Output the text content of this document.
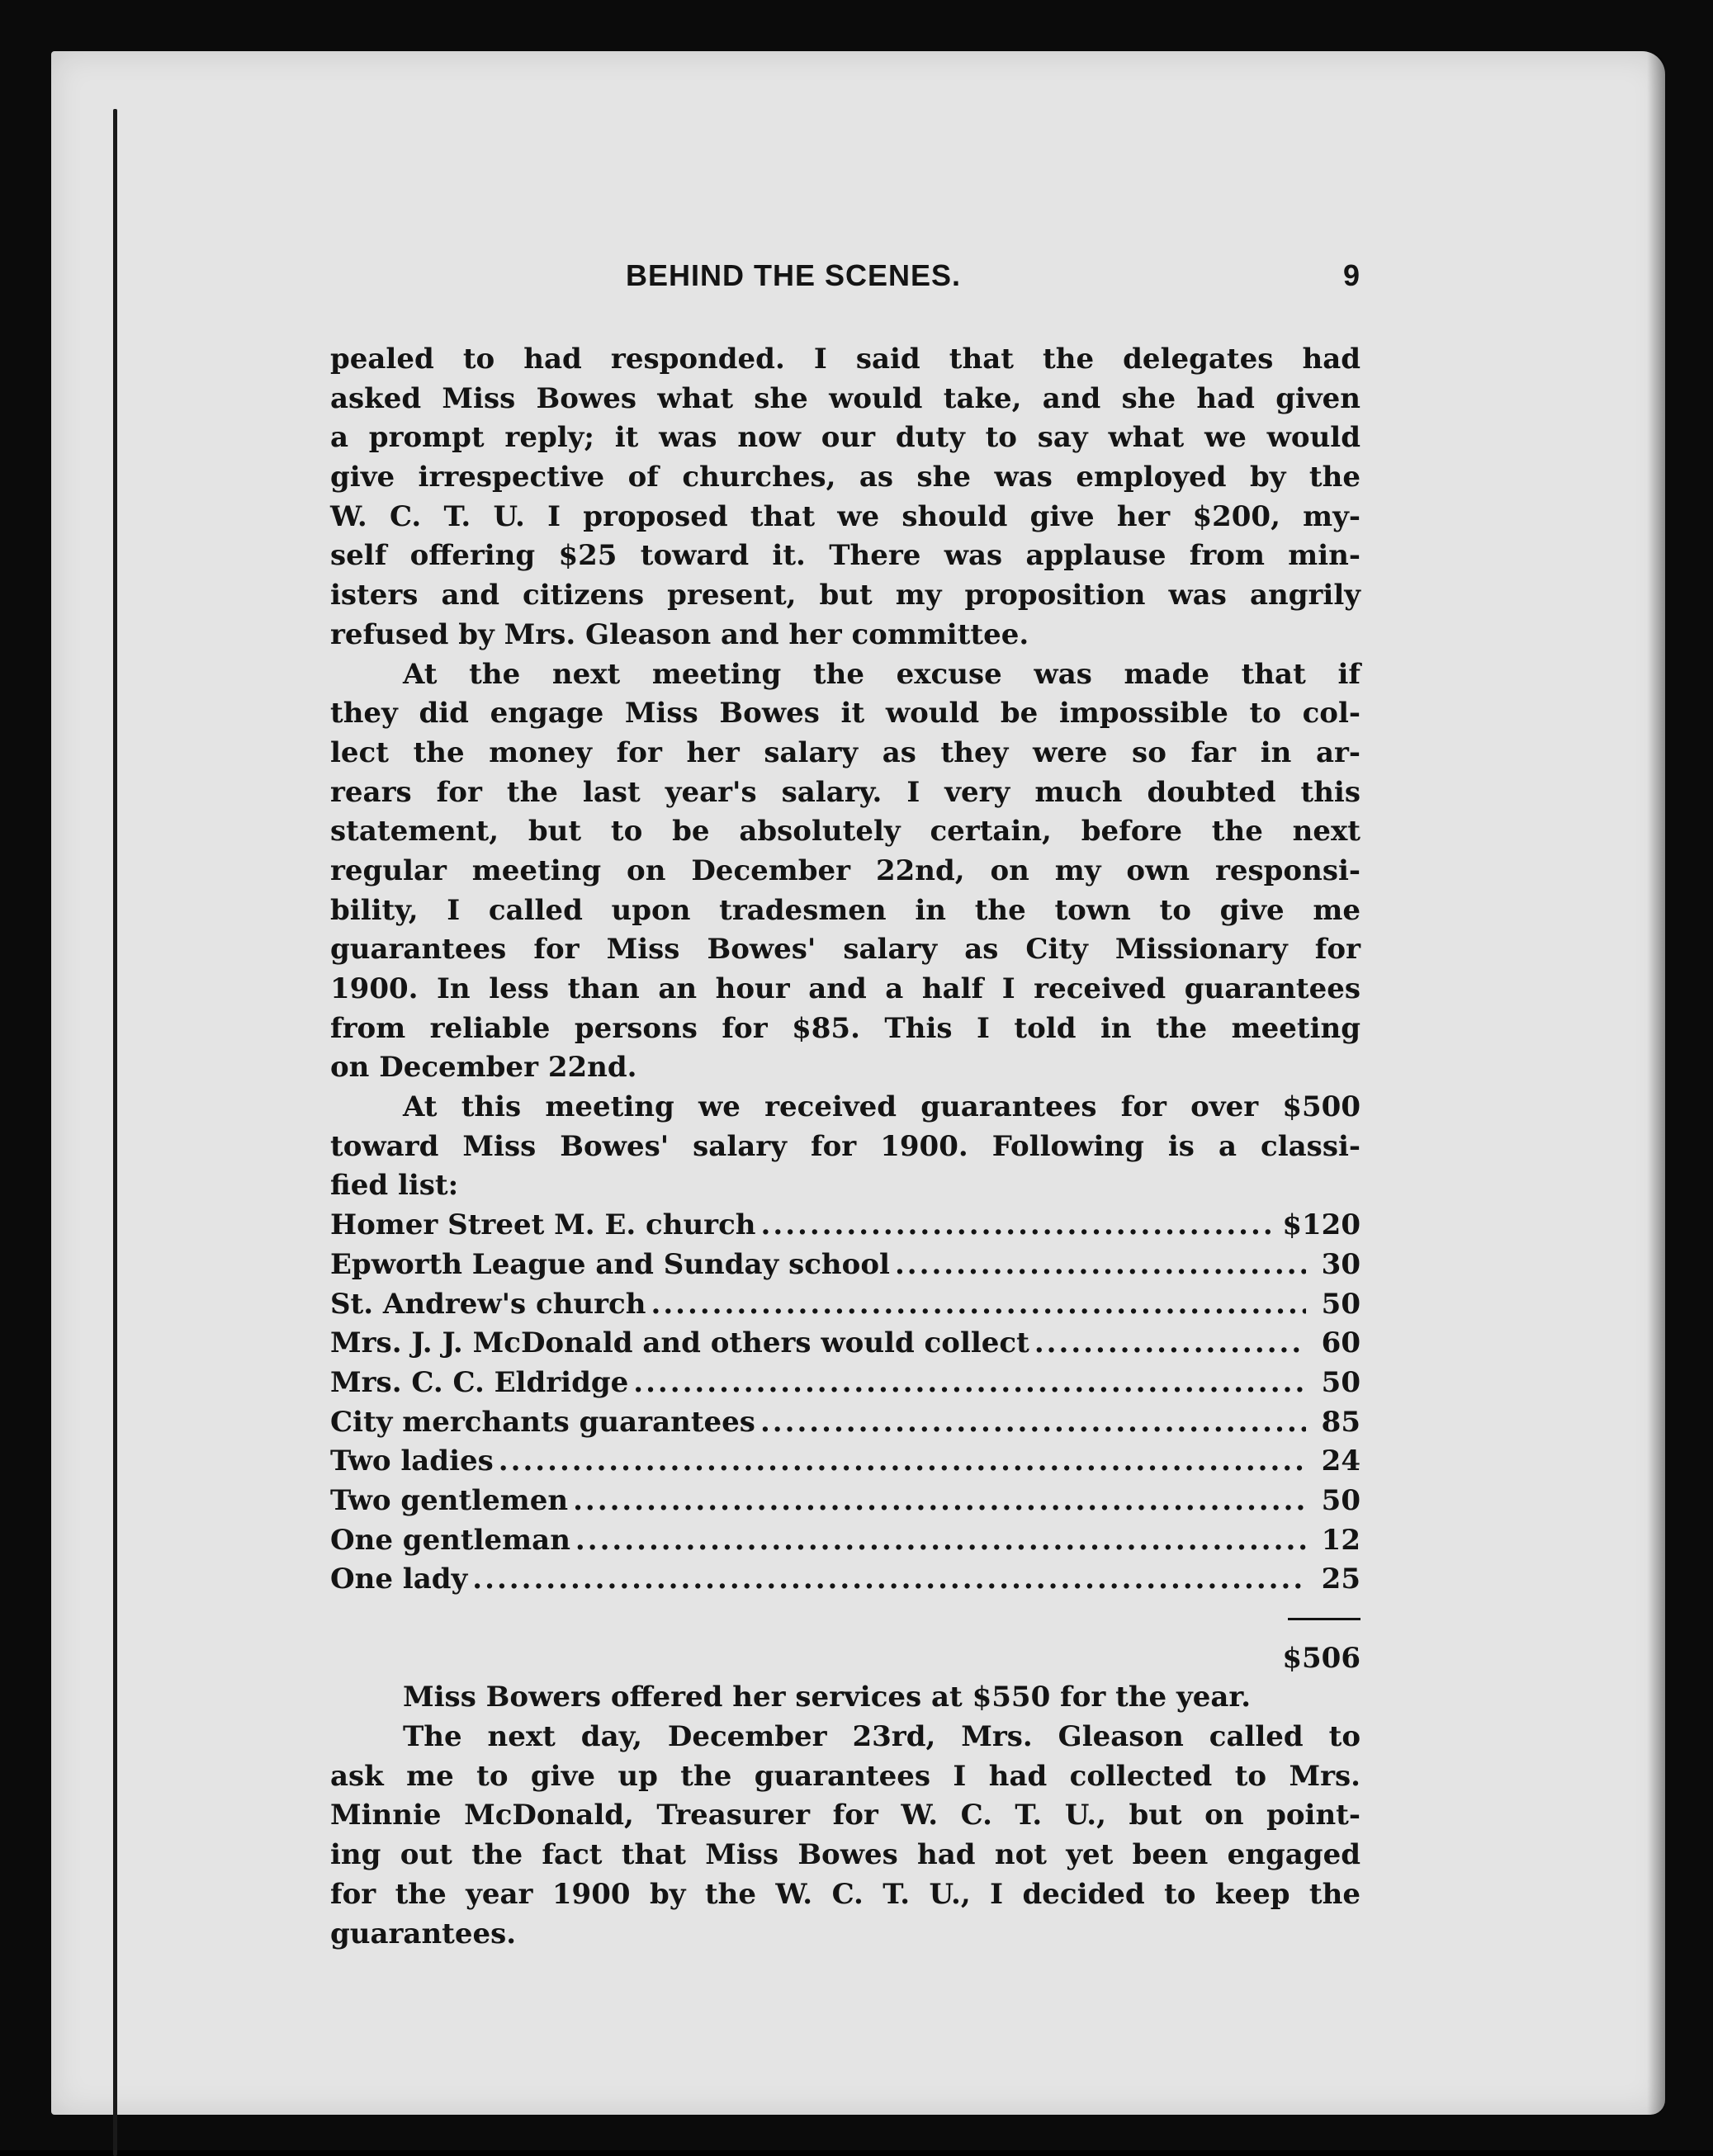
BEHIND THE SCENES.	9
pealed to had responded. I said that the delegates had
asked Miss Bowes what she would take, and she had given
a prompt reply; it was now our duty to say what we would
give irrespective of churches, as she was employed by the
W. C. T. U. I proposed that we should give her $200, my-
self offering $25 toward it. There was applause from min-
isters and citizens present, but my proposition was angrily
refused by Mrs. Gleason and her committee.
At the next meeting the excuse was made that if
they did engage Miss Bowes it would be impossible to col-
lect the money for her salary as they were so far in ar-
rears for the last year's salary. I very much doubted this
statement, but to be absolutely certain, before the next
regular meeting on December 22nd, on my own responsi-
bility, I called upon tradesmen in the town to give me
guarantees for Miss Bowes' salary as City Missionary for
1900. In less than an hour and a half I received guarantees
from reliable persons for $85. This I told in the meeting
on December 22nd.
At this meeting we received guarantees for over $500
toward Miss Bowes' salary for 1900. Following is a classi-
fied list:
Homer Street M. E. church .....	$120
Epworth League and Sunday school .....	30
St. Andrew's church .....	50
Mrs. J. J. McDonald and others would collect .....	60
Mrs. C. C. Eldridge .....	50
City merchants guarantees .....	85
Two ladies .....	24
Two gentlemen .....	50
One gentleman .....	12
One lady .....	25
$506
Miss Bowers offered her services at $550 for the year.
The next day, December 23rd, Mrs. Gleason called to
ask me to give up the guarantees I had collected to Mrs.
Minnie McDonald, Treasurer for W. C. T. U., but on point-
ing out the fact that Miss Bowes had not yet been engaged
for the year 1900 by the W. C. T. U., I decided to keep the
guarantees.
